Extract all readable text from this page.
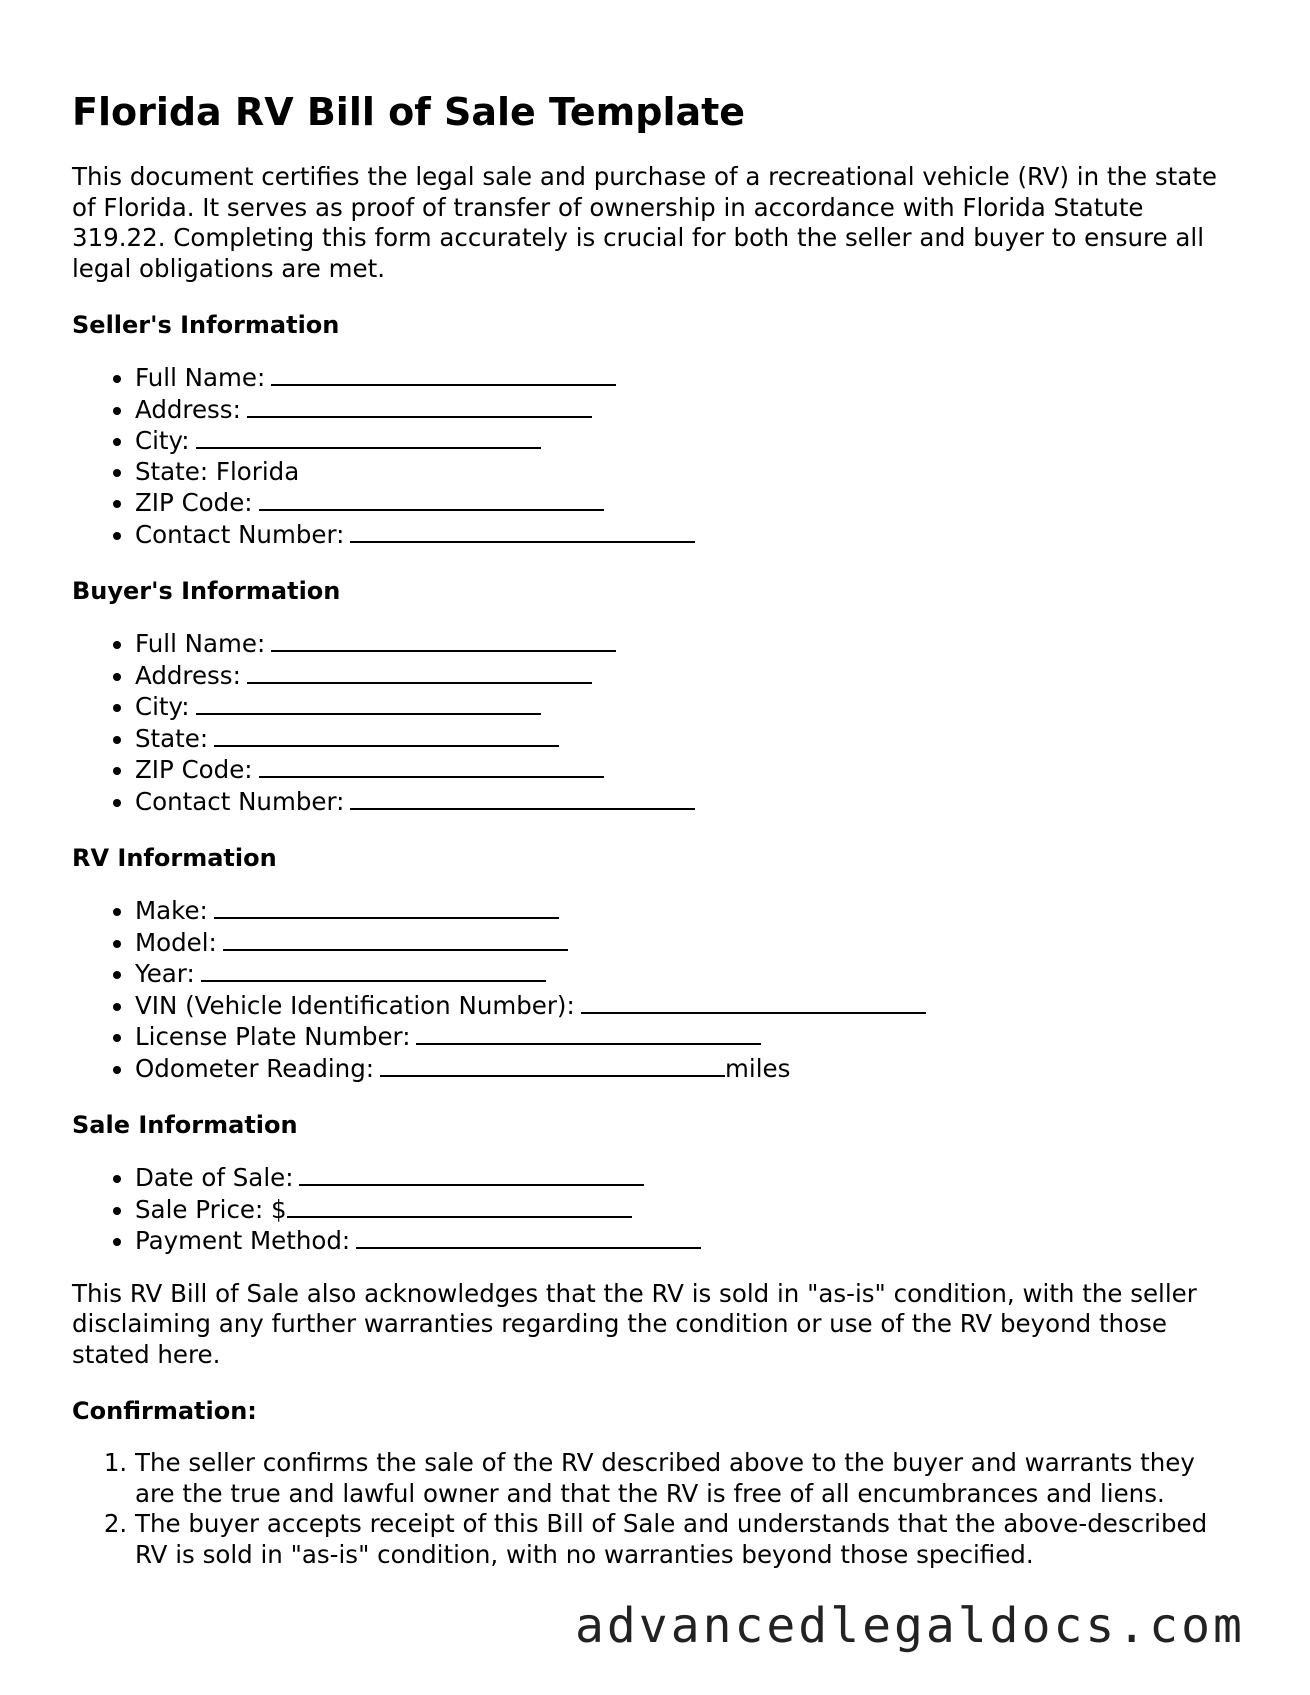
Florida RV Bill of Sale Template

This document certifies the legal sale and purchase of a recreational vehicle (RV) in the state of Florida. It serves as proof of transfer of ownership in accordance with Florida Statute 319.22. Completing this form accurately is crucial for both the seller and buyer to ensure all legal obligations are met.

Seller's Information
• Full Name:
• Address:
• City:
• State: Florida
• ZIP Code:
• Contact Number:
Buyer's Information
• Full Name:
• Address:
• City:
• State:
• ZIP Code:
• Contact Number:
RV Information
• Make:
• Model:
• Year:
• VIN (Vehicle Identification Number):
• License Plate Number:
• Odometer Reading:	miles
Sale Information
• Date of Sale:
• Sale Price: $
• Payment Method:

This RV Bill of Sale also acknowledges that the RV is sold in "as-is" condition, with the seller disclaiming any further warranties regarding the condition or use of the RV beyond those stated here.

Confirmation:
1. The seller confirms the sale of the RV described above to the buyer and warrants they are the true and lawful owner and that the RV is free of all encumbrances and liens.
2. The buyer accepts receipt of this Bill of Sale and understands that the above-described RV is sold in "as-is" condition, with no warranties beyond those specified.
advancedlegaldocs.com
